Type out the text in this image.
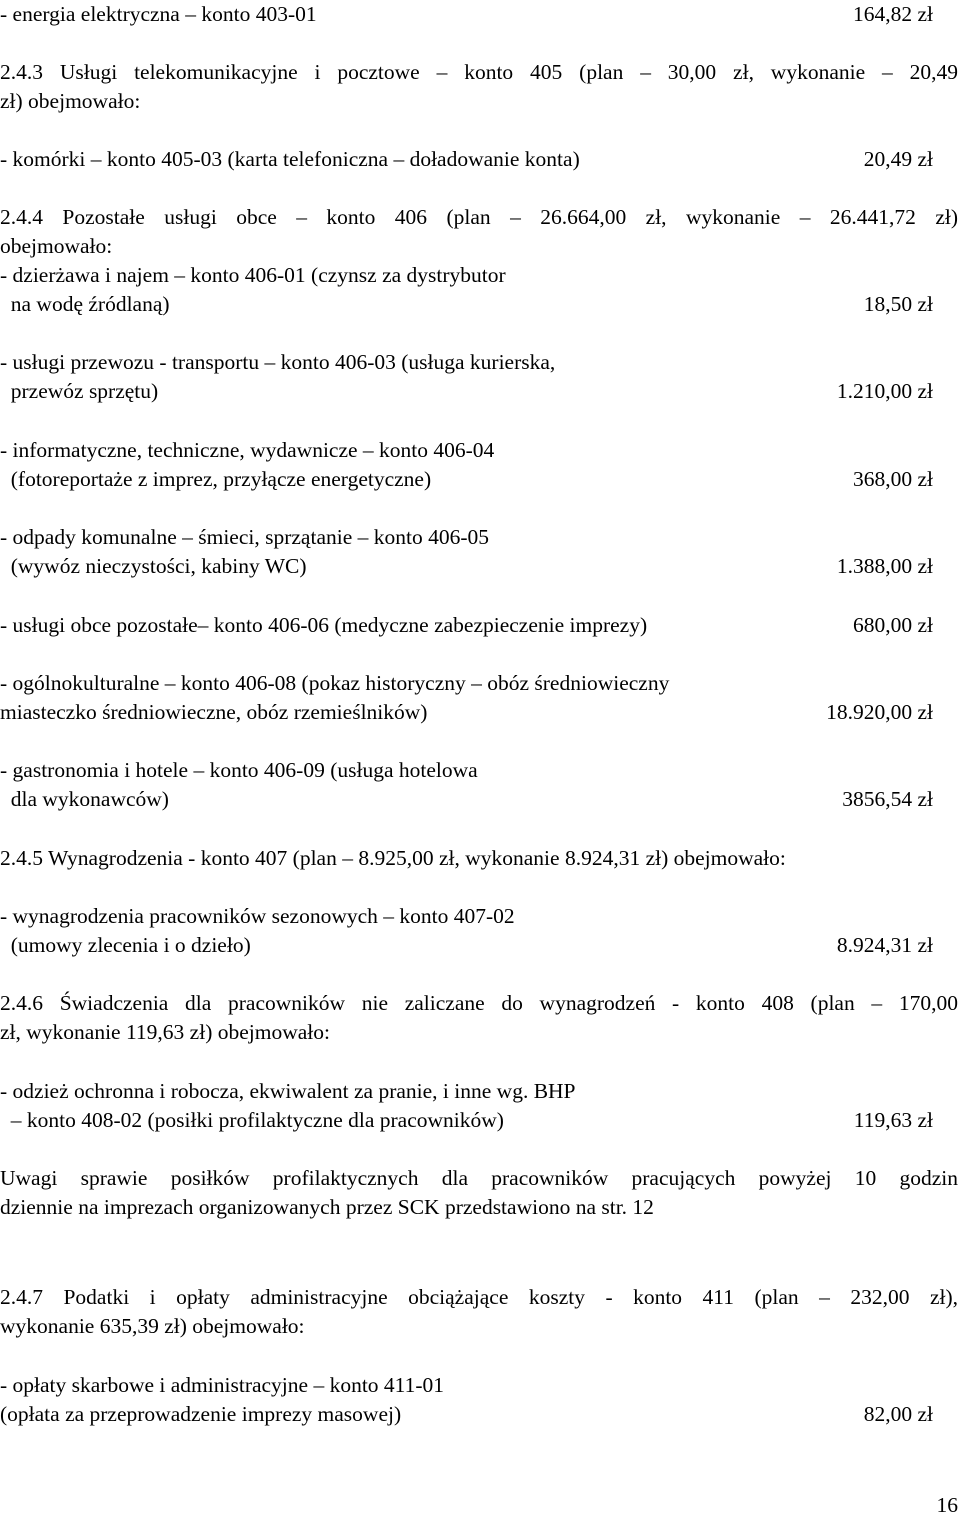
- energia elektryczna – konto 403-01	164,82 zł
2.4.3 Usługi telekomunikacyjne i pocztowe – konto 405 (plan – 30,00 zł, wykonanie – 20,49
zł) obejmowało:
- komórki – konto 405-03 (karta telefoniczna – doładowanie konta)	20,49 zł
2.4.4 Pozostałe usługi obce – konto 406 (plan – 26.664,00 zł, wykonanie – 26.441,72 zł)
obejmowało:
- dzierżawa i najem – konto 406-01 (czynsz za dystrybutor
na wodę źródlaną)	18,50 zł
- usługi przewozu - transportu – konto 406-03 (usługa kurierska,
przewóz sprzętu)	1.210,00 zł
- informatyczne, techniczne, wydawnicze – konto 406-04
(fotoreportaże z imprez, przyłącze energetyczne)	368,00 zł
- odpady komunalne – śmieci, sprzątanie – konto 406-05
(wywóz nieczystości, kabiny WC)	1.388,00 zł
- usługi obce pozostałe– konto 406-06 (medyczne zabezpieczenie imprezy)	680,00 zł
- ogólnokulturalne – konto 406-08 (pokaz historyczny – obóz średniowieczny
miasteczko średniowieczne, obóz rzemieślników)	18.920,00 zł
- gastronomia i hotele – konto 406-09 (usługa hotelowa
dla wykonawców)	3856,54 zł
2.4.5 Wynagrodzenia - konto 407 (plan – 8.925,00 zł, wykonanie 8.924,31 zł) obejmowało:
- wynagrodzenia pracowników sezonowych – konto 407-02
(umowy zlecenia i o dzieło)	8.924,31 zł
2.4.6 Świadczenia dla pracowników nie zaliczane do wynagrodzeń - konto 408 (plan – 170,00
zł, wykonanie 119,63 zł) obejmowało:
- odzież ochronna i robocza, ekwiwalent za pranie, i inne wg. BHP
– konto 408-02 (posiłki profilaktyczne dla pracowników)	119,63 zł
Uwagi sprawie posiłków profilaktycznych dla pracowników pracujących powyżej 10 godzin
dziennie na imprezach organizowanych przez SCK przedstawiono na str. 12
2.4.7 Podatki i opłaty administracyjne obciążające koszty - konto 411 (plan – 232,00 zł),
wykonanie 635,39 zł) obejmowało:
- opłaty skarbowe i administracyjne – konto 411-01
(opłata za przeprowadzenie imprezy masowej)	82,00 zł
16
